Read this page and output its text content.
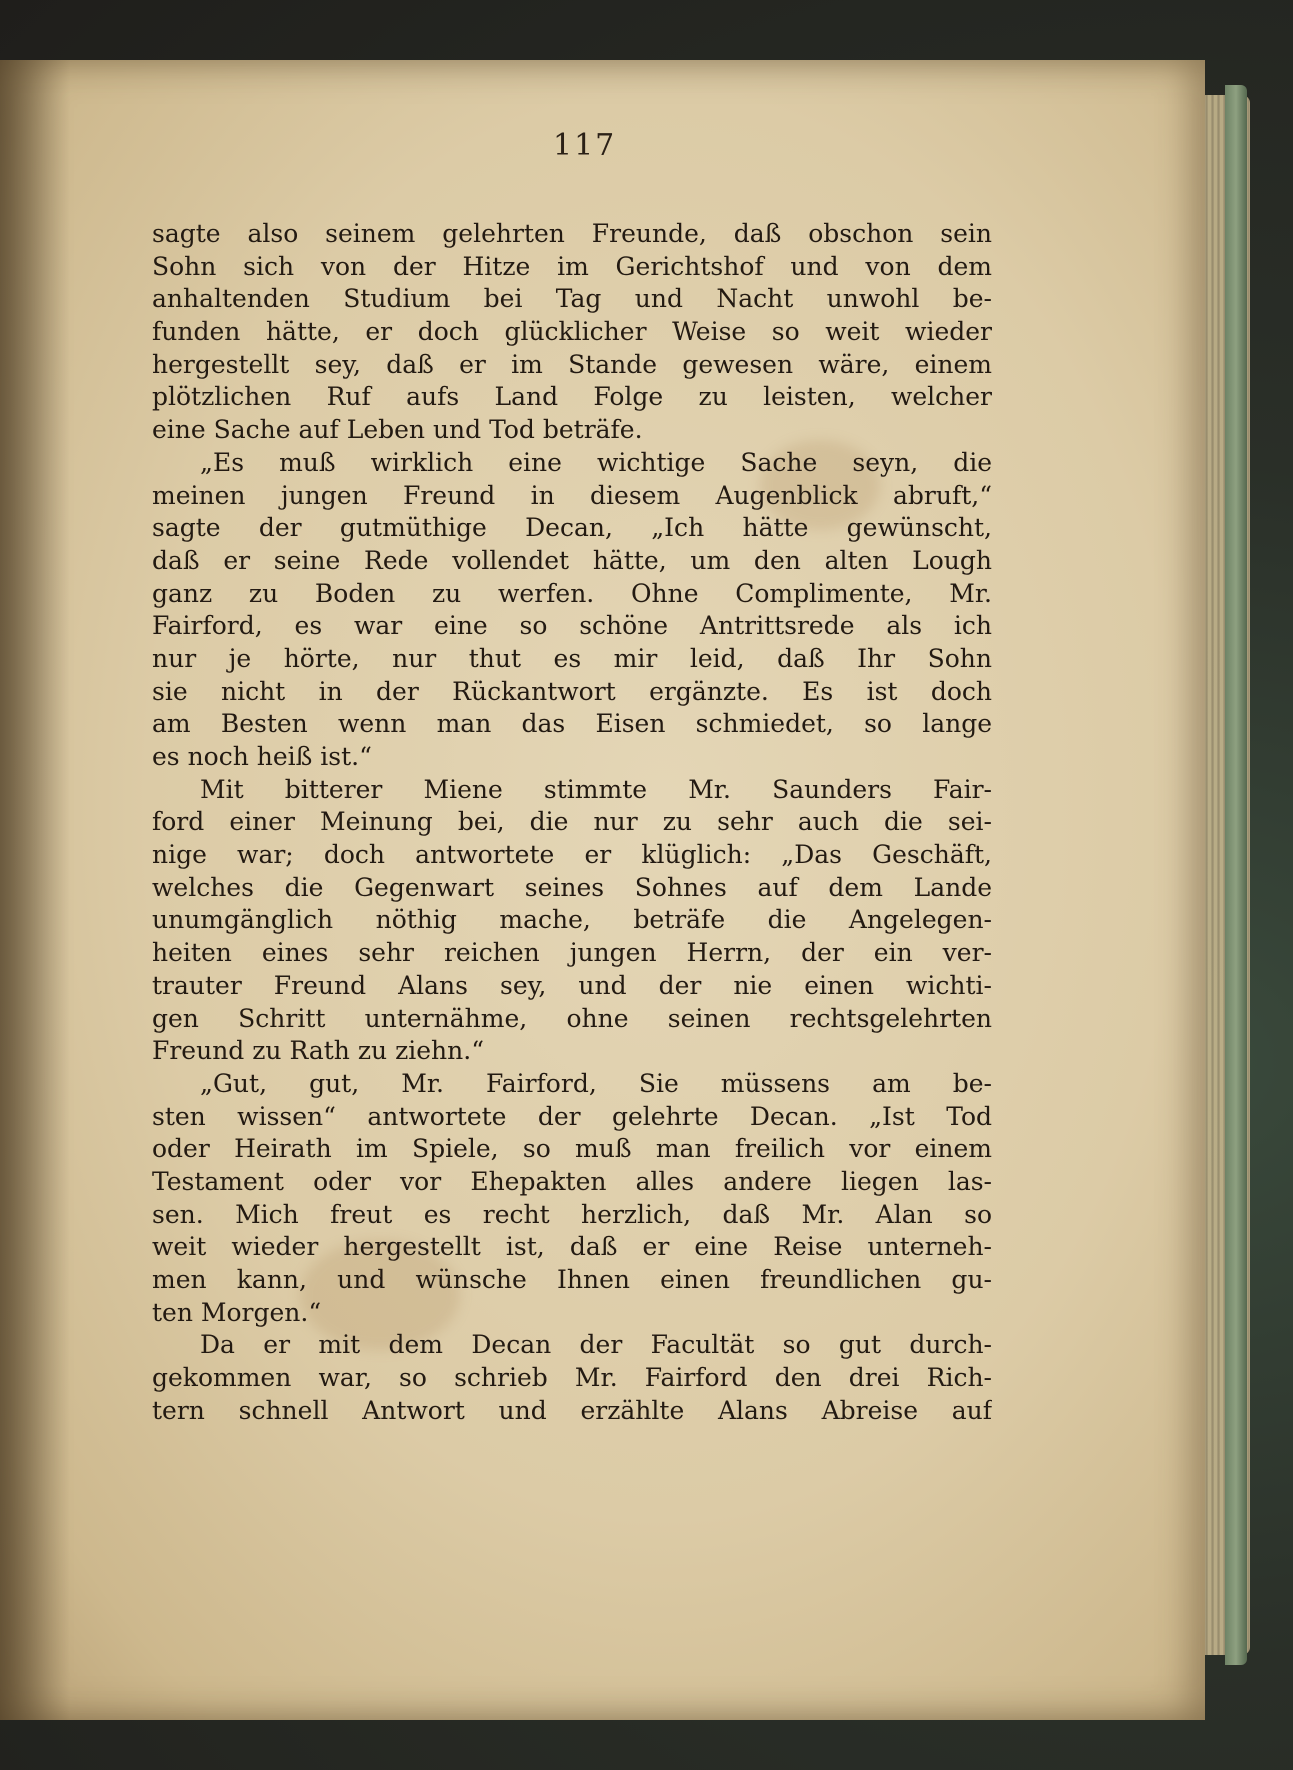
117
sagte also seinem gelehrten Freunde, daß obschon sein
Sohn sich von der Hitze im Gerichtshof und von dem
anhaltenden Studium bei Tag und Nacht unwohl be-
funden hätte, er doch glücklicher Weise so weit wieder
hergestellt sey, daß er im Stande gewesen wäre, einem
plötzlichen Ruf aufs Land Folge zu leisten, welcher
eine Sache auf Leben und Tod beträfe.
„Es muß wirklich eine wichtige Sache seyn, die
meinen jungen Freund in diesem Augenblick abruft,“
sagte der gutmüthige Decan, „Ich hätte gewünscht,
daß er seine Rede vollendet hätte, um den alten Lough
ganz zu Boden zu werfen. Ohne Complimente, Mr.
Fairford, es war eine so schöne Antrittsrede als ich
nur je hörte, nur thut es mir leid, daß Ihr Sohn
sie nicht in der Rückantwort ergänzte. Es ist doch
am Besten wenn man das Eisen schmiedet, so lange
es noch heiß ist.“
Mit bitterer Miene stimmte Mr. Saunders Fair-
ford einer Meinung bei, die nur zu sehr auch die sei-
nige war; doch antwortete er klüglich: „Das Geschäft,
welches die Gegenwart seines Sohnes auf dem Lande
unumgänglich nöthig mache, beträfe die Angelegen-
heiten eines sehr reichen jungen Herrn, der ein ver-
trauter Freund Alans sey, und der nie einen wichti-
gen Schritt unternähme, ohne seinen rechtsgelehrten
Freund zu Rath zu ziehn.“
„Gut, gut, Mr. Fairford, Sie müssens am be-
sten wissen“ antwortete der gelehrte Decan. „Ist Tod
oder Heirath im Spiele, so muß man freilich vor einem
Testament oder vor Ehepakten alles andere liegen las-
sen. Mich freut es recht herzlich, daß Mr. Alan so
weit wieder hergestellt ist, daß er eine Reise unterneh-
men kann, und wünsche Ihnen einen freundlichen gu-
ten Morgen.“
Da er mit dem Decan der Facultät so gut durch-
gekommen war, so schrieb Mr. Fairford den drei Rich-
tern schnell Antwort und erzählte Alans Abreise auf
